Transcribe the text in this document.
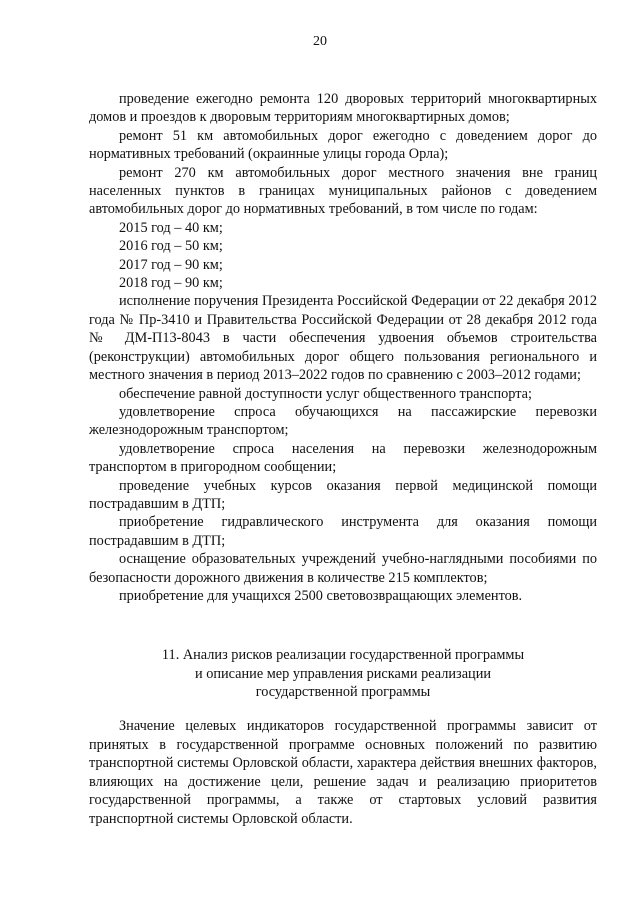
20

проведение ежегодно ремонта 120 дворовых территорий многоквартирных домов и проездов к дворовым территориям многоквартирных домов;

ремонт 51 км автомобильных дорог ежегодно с доведением дорог до нормативных требований (окраинные улицы города Орла);

ремонт 270 км автомобильных дорог местного значения вне границ населенных пунктов в границах муниципальных районов с доведением автомобильных дорог до нормативных требований, в том числе по годам:

2015 год – 40 км;

2016 год – 50 км;

2017 год – 90 км;

2018 год – 90 км;

исполнение поручения Президента Российской Федерации от 22 декабря 2012 года № Пр-3410 и Правительства Российской Федерации от 28 декабря 2012 года № ДМ-П13-8043 в части обеспечения удвоения объемов строительства (реконструкции) автомобильных дорог общего пользования регионального и местного значения в период 2013–2022 годов по сравнению с 2003–2012 годами;

обеспечение равной доступности услуг общественного транспорта;

удовлетворение спроса обучающихся на пассажирские перевозки железнодорожным транспортом;

удовлетворение спроса населения на перевозки железнодорожным транспортом в пригородном сообщении;

проведение учебных курсов оказания первой медицинской помощи пострадавшим в ДТП;

приобретение гидравлического инструмента для оказания помощи пострадавшим в ДТП;

оснащение образовательных учреждений учебно-наглядными пособиями по безопасности дорожного движения в количестве 215 комплектов;

приобретение для учащихся 2500 световозвращающих элементов.

11. Анализ рисков реализации государственной программы
и описание мер управления рисками реализации
государственной программы

Значение целевых индикаторов государственной программы зависит от принятых в государственной программе основных положений по развитию транспортной системы Орловской области, характера действия внешних факторов, влияющих на достижение цели, решение задач и реализацию приоритетов государственной программы, а также от стартовых условий развития транспортной системы Орловской области.
